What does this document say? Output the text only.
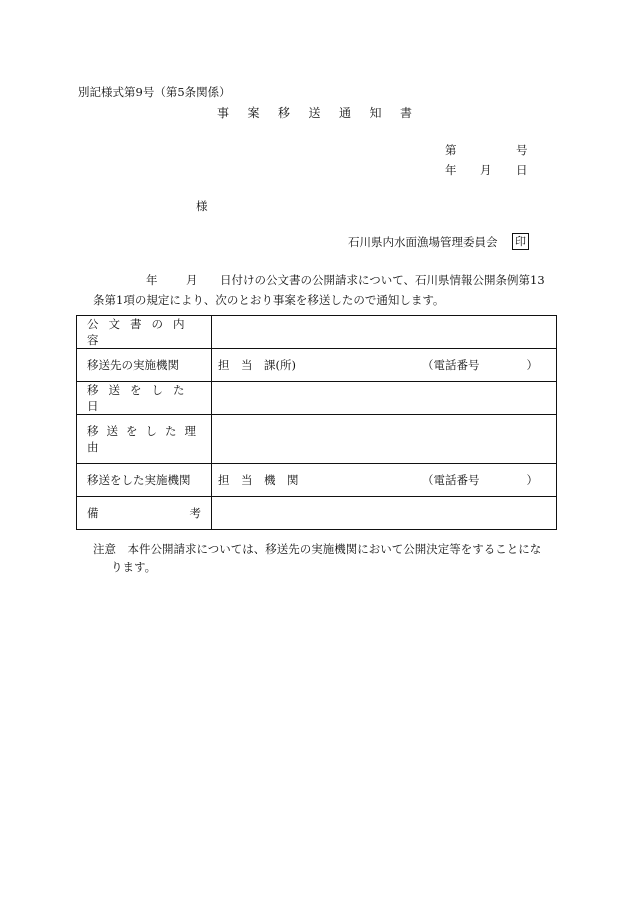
別記様式第9号（第5条関係）
事案移送通知書
第	号
年 月 日
様
石川県内水面漁場管理委員会 印
年 月 日付けの公文書の公開請求について、石川県情報公開条例第13
条第1項の規定により、次のとおり事案を移送したので通知します。
公文書の内容	
移送先の実施機関	担　当　課(所) （電話番号 ）

移送をした日	
移送をした理由	
移送をした実施機関	担　当　機　関 （電話番号 ）

備 考	

注意　本件公開請求については、移送先の実施機関において公開決定等をすることにな
ります。
